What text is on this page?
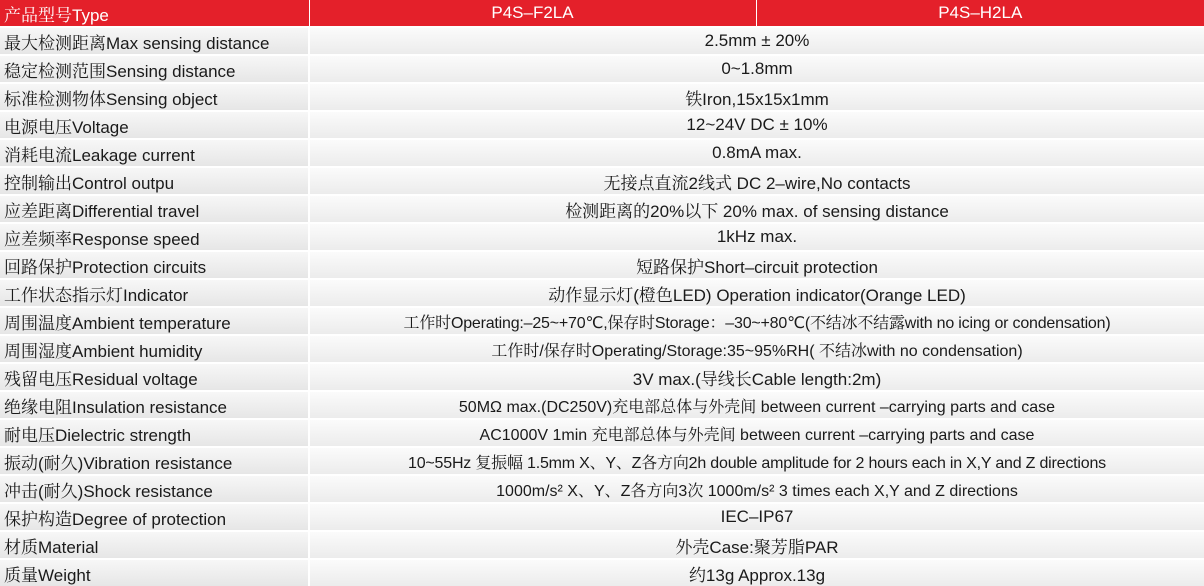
产品型号Type	P4S–F2LA	P4S–H2LA
最大检测距离Max sensing distance	2.5mm ± 20%	
稳定检测范围Sensing distance	0~1.8mm	
标准检测物体Sensing object	铁Iron,15x15x1mm	
电源电压Voltage	12~24V DC ± 10%	
消耗电流Leakage current	0.8mA max.	
控制输出Control outpu	无接点直流2线式 DC 2–wire,No contacts	
应差距离Differential travel	检测距离的20%以下 20% max. of sensing distance	
应差频率Response speed	1kHz max.	
回路保护Protection circuits	短路保护Short–circuit protection	
工作状态指示灯Indicator	动作显示灯(橙色LED) Operation indicator(Orange LED)	
周围温度Ambient temperature	工作时Operating:–25~+70℃,保存时Storage：–30~+80℃(不结冰不结露with no icing or condensation)	
周围湿度Ambient humidity	工作时/保存时Operating/Storage:35~95%RH( 不结冰with no condensation)	
残留电压Residual voltage	3V max.(导线长Cable length:2m)	
绝缘电阻Insulation resistance	50MΩ max.(DC250V)充电部总体与外壳间 between current –carrying parts and case	
耐电压Dielectric strength	AC1000V 1min 充电部总体与外壳间 between current –carrying parts and case	
振动(耐久)Vibration resistance	10~55Hz 复振幅 1.5mm X、Y、Z各方向2h double amplitude for 2 hours each in X,Y and Z directions	
冲击(耐久)Shock resistance	1000m/s² X、Y、Z各方向3次 1000m/s² 3 times each X,Y and Z directions	
保护构造Degree of protection	IEC–IP67	
材质Material	外壳Case:聚芳脂PAR	
质量Weight	约13g Approx.13g	
